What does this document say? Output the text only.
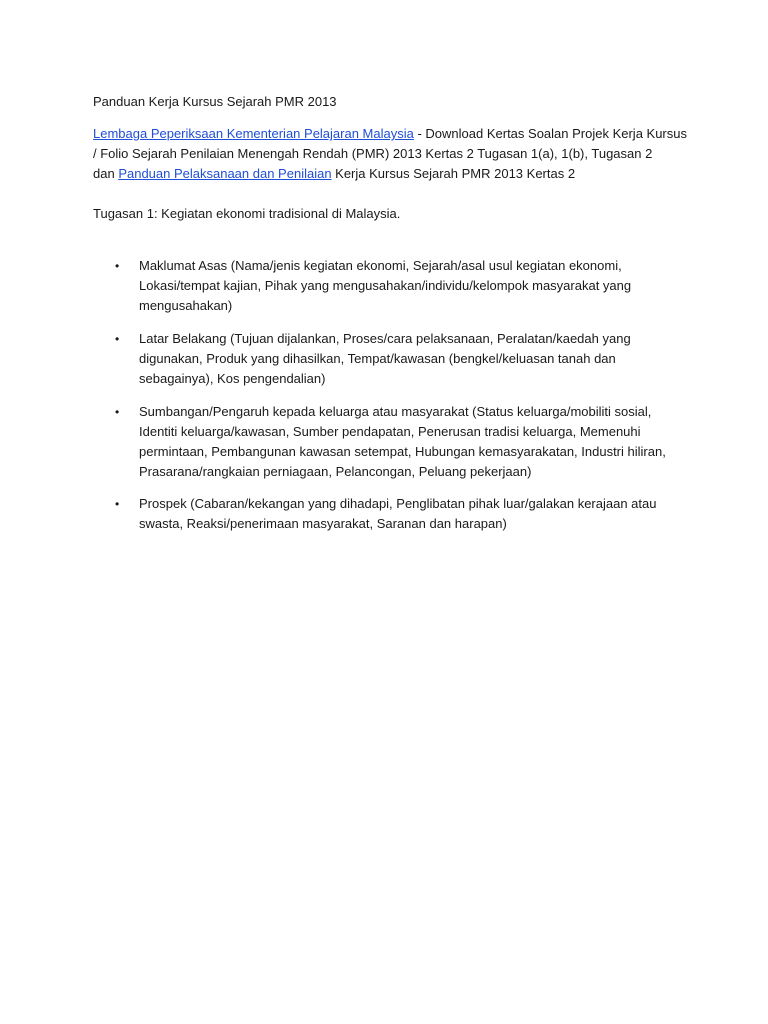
Panduan Kerja Kursus Sejarah PMR 2013
Lembaga Peperiksaan Kementerian Pelajaran Malaysia - Download Kertas Soalan Projek Kerja Kursus
/ Folio Sejarah Penilaian Menengah Rendah (PMR) 2013 Kertas 2 Tugasan 1(a), 1(b), Tugasan 2
dan Panduan Pelaksanaan dan Penilaian Kerja Kursus Sejarah PMR 2013 Kertas 2
Tugasan 1: Kegiatan ekonomi tradisional di Malaysia.
• Maklumat Asas (Nama/jenis kegiatan ekonomi, Sejarah/asal usul kegiatan ekonomi,
Lokasi/tempat kajian, Pihak yang mengusahakan/individu/kelompok masyarakat yang
mengusahakan)
• Latar Belakang (Tujuan dijalankan, Proses/cara pelaksanaan, Peralatan/kaedah yang
digunakan, Produk yang dihasilkan, Tempat/kawasan (bengkel/keluasan tanah dan
sebagainya), Kos pengendalian)
• Sumbangan/Pengaruh kepada keluarga atau masyarakat (Status keluarga/mobiliti sosial,
Identiti keluarga/kawasan, Sumber pendapatan, Penerusan tradisi keluarga, Memenuhi
permintaan, Pembangunan kawasan setempat, Hubungan kemasyarakatan, Industri hiliran,
Prasarana/rangkaian perniagaan, Pelancongan, Peluang pekerjaan)
• Prospek (Cabaran/kekangan yang dihadapi, Penglibatan pihak luar/galakan kerajaan atau
swasta, Reaksi/penerimaan masyarakat, Saranan dan harapan)
